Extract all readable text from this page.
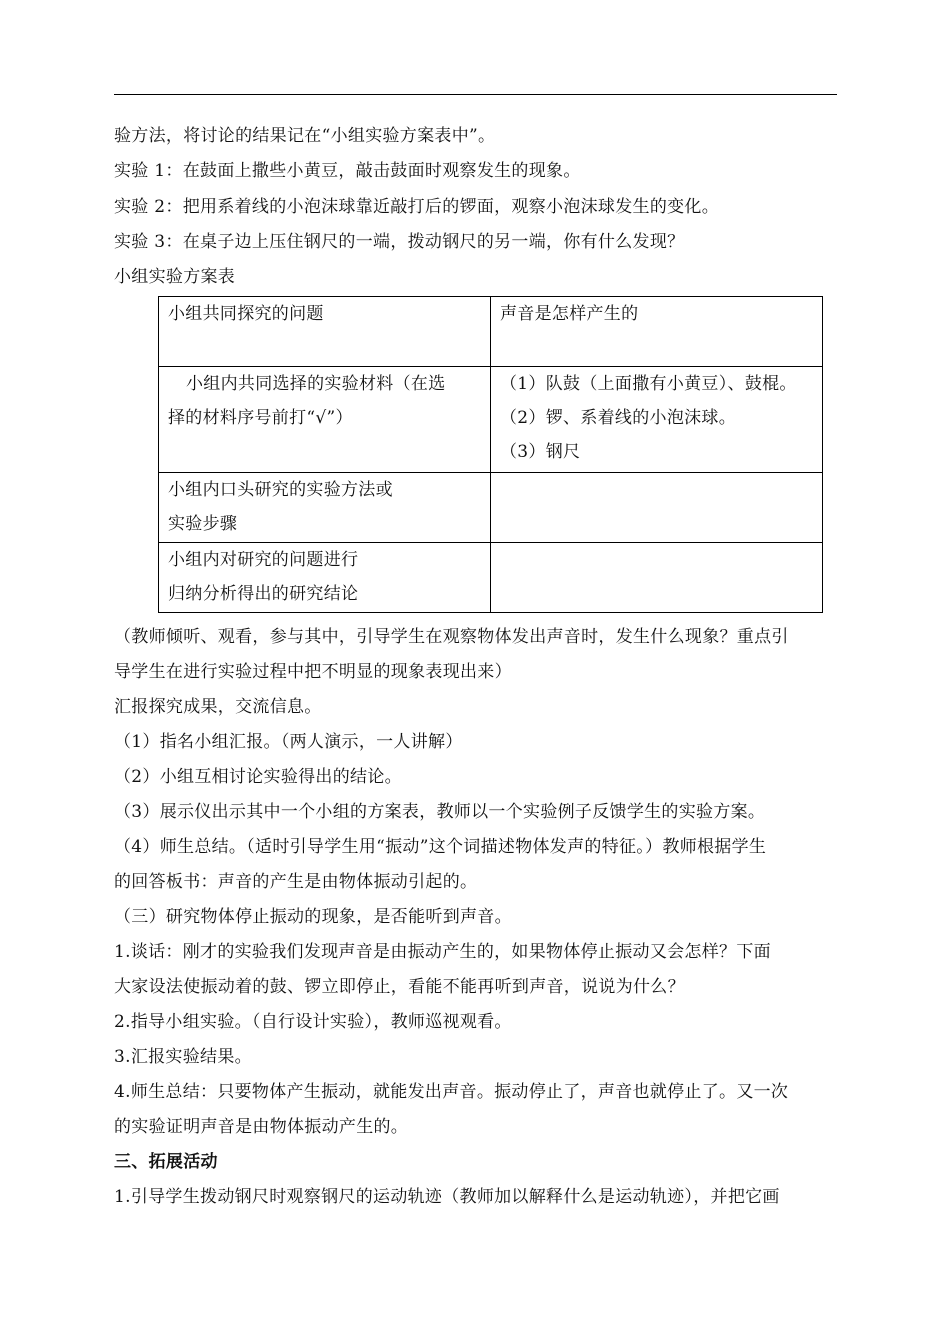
验方法，将讨论的结果记在“小组实验方案表中”。
实验 1：在鼓面上撒些小黄豆，敲击鼓面时观察发生的现象。
实验 2：把用系着线的小泡沫球靠近敲打后的锣面，观察小泡沫球发生的变化。
实验 3：在桌子边上压住钢尺的一端，拨动钢尺的另一端，你有什么发现？
小组实验方案表
小组共同探究的问题	声音是怎样产生的

小组内共同选择的实验材料（在选
择的材料序号前打“√”）	（1）队鼓（上面撒有小黄豆）、鼓棍。
（2）锣、系着线的小泡沫球。
（3）钢尺

小组内口头研究的实验方法或
实验步骤	

小组内对研究的问题进行
归纳分析得出的研究结论	

（教师倾听、观看，参与其中，引导学生在观察物体发出声音时，发生什么现象？重点引
导学生在进行实验过程中把不明显的现象表现出来）
汇报探究成果，交流信息。
（1）指名小组汇报。（两人演示，一人讲解）
（2）小组互相讨论实验得出的结论。
（3）展示仪出示其中一个小组的方案表，教师以一个实验例子反馈学生的实验方案。
（4）师生总结。（适时引导学生用“振动”这个词描述物体发声的特征。）教师根据学生
的回答板书：声音的产生是由物体振动引起的。
（三）研究物体停止振动的现象，是否能听到声音。
1.谈话：刚才的实验我们发现声音是由振动产生的，如果物体停止振动又会怎样？下面
大家设法使振动着的鼓、锣立即停止，看能不能再听到声音，说说为什么？
2.指导小组实验。（自行设计实验），教师巡视观看。
3.汇报实验结果。
4.师生总结：只要物体产生振动，就能发出声音。振动停止了，声音也就停止了。又一次
的实验证明声音是由物体振动产生的。
三、拓展活动
1.引导学生拨动钢尺时观察钢尺的运动轨迹（教师加以解释什么是运动轨迹），并把它画
